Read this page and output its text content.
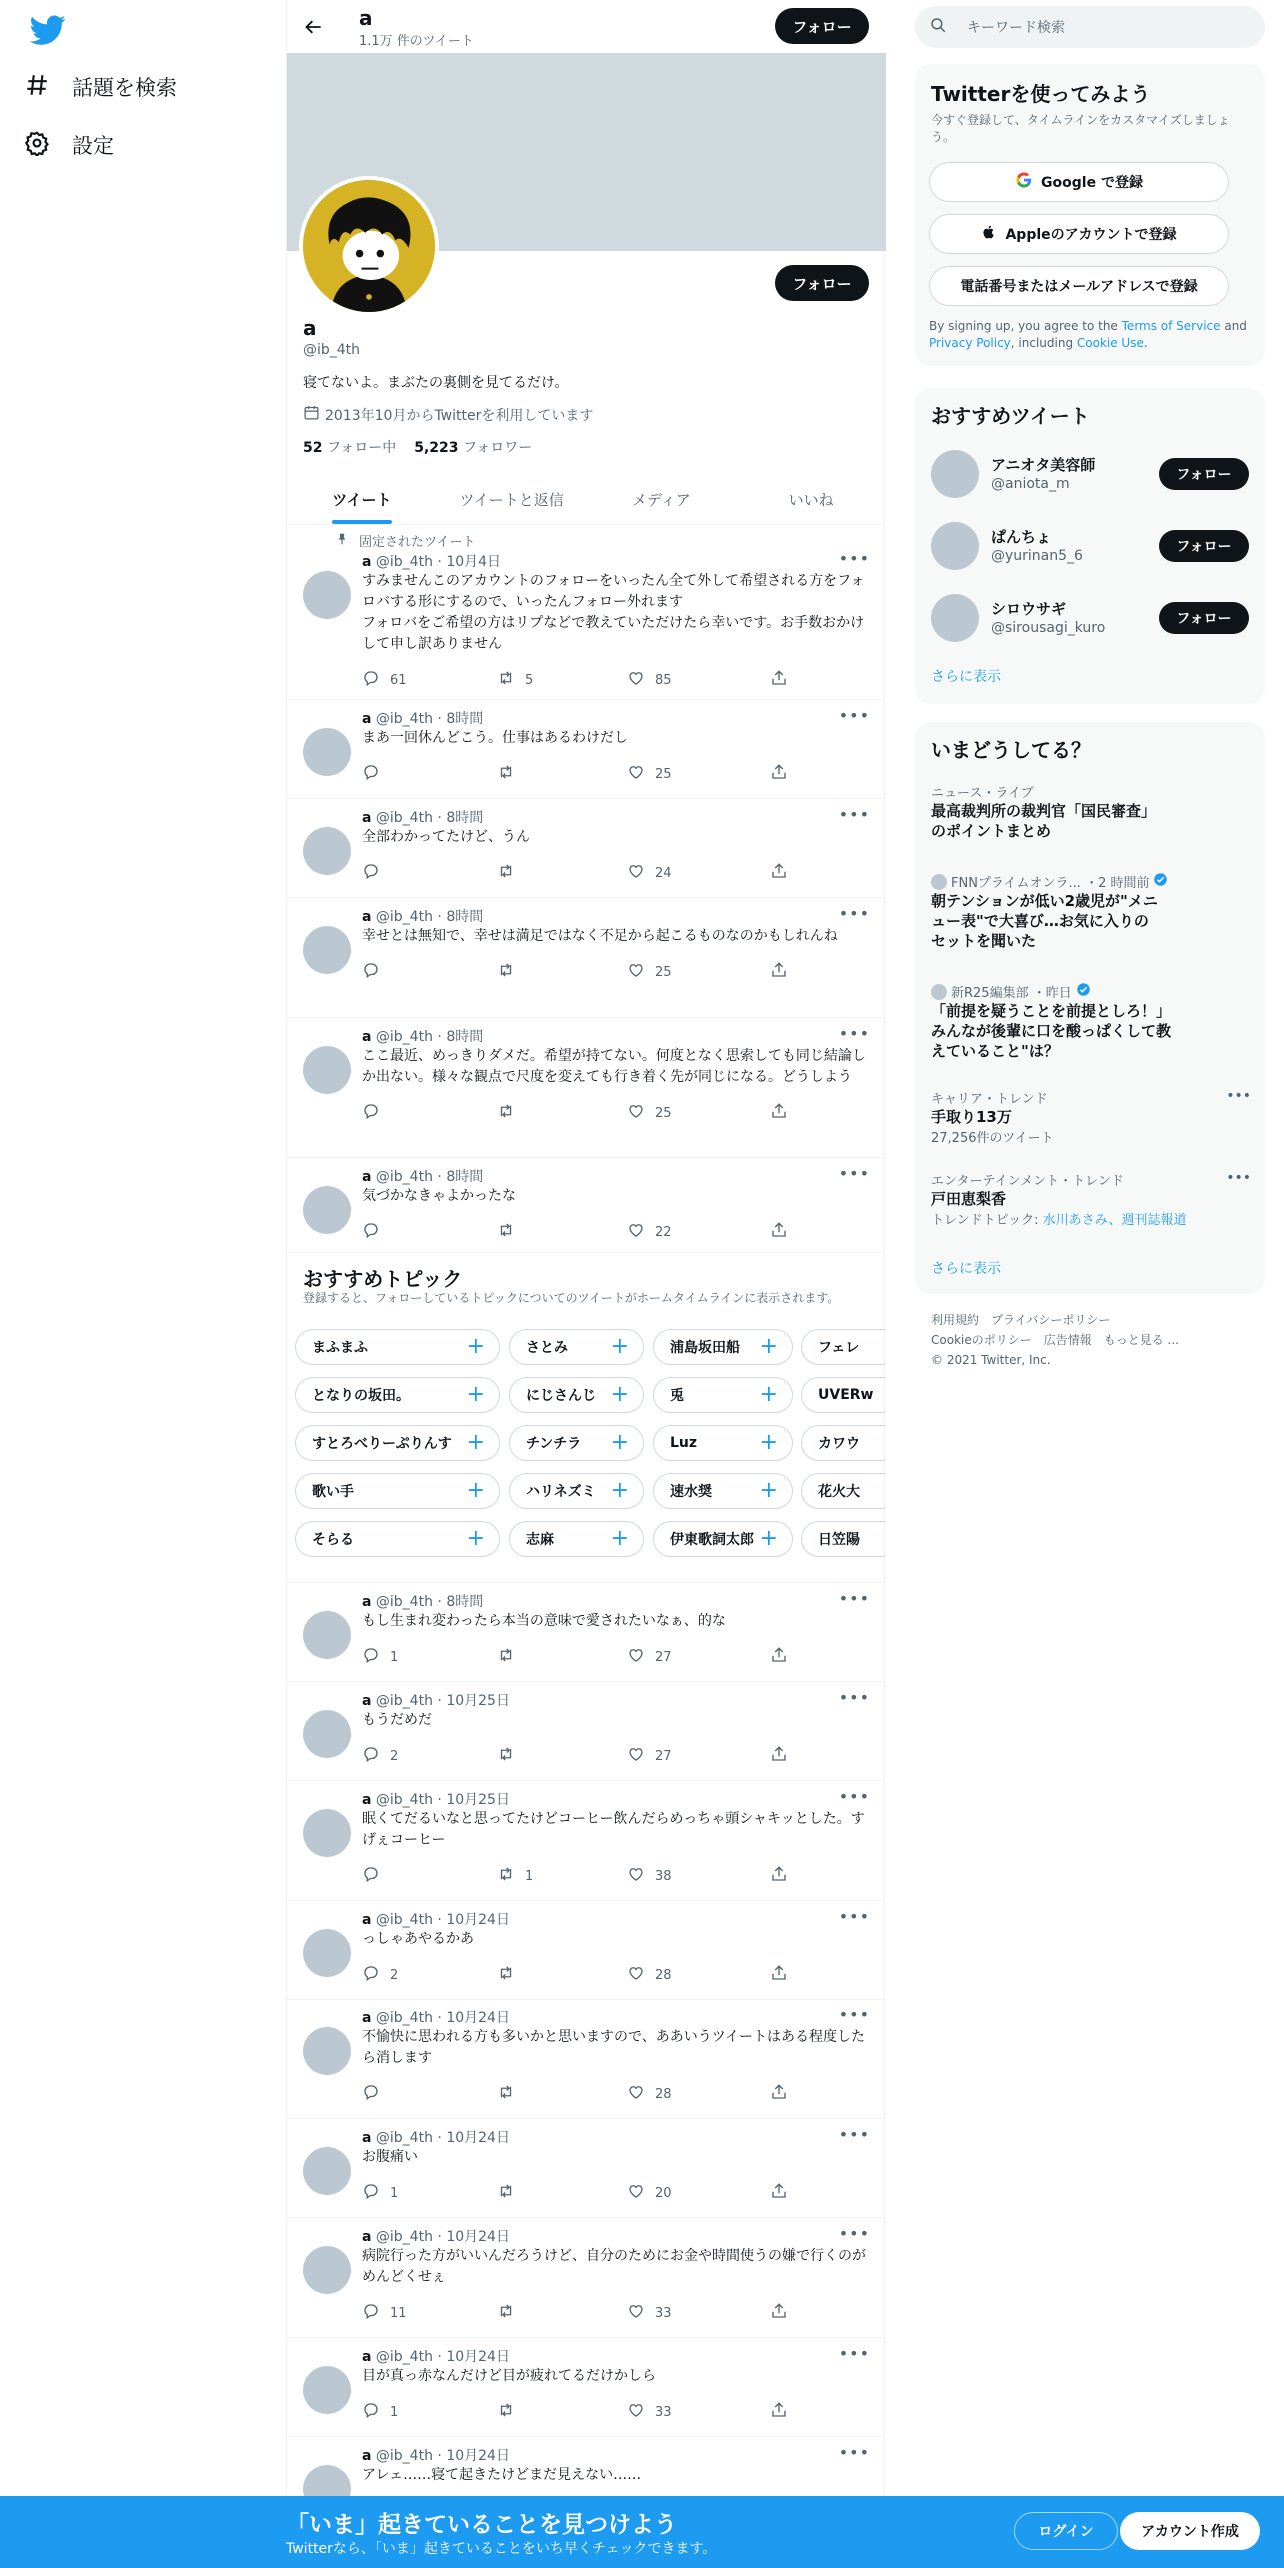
話題を検索
設定
a
1.1万 件のツイート
フォロー
フォロー
a
@ib_4th
寝てないよ。まぶたの裏側を見てるだけ。
2013年10月からTwitterを利用しています
52 フォロー中 5,223 フォロワー
ツイート	ツイートと返信	メディア	いいね
固定されたツイート
a @ib_4th · 10月4日	•••
すみませんこのアカウントのフォローをいったん全て外して希望される方をフォロバする形にするので、いったんフォロー外れます
フォロバをご希望の方はリプなどで教えていただけたら幸いです。お手数おかけして申し訳ありません
61	5	85
a @ib_4th · 8時間	•••
まあ一回休んどこう。仕事はあるわけだし
25
a @ib_4th · 8時間	•••
全部わかってたけど、うん
24
a @ib_4th · 8時間	•••
幸せとは無知で、幸せは満足ではなく不足から起こるものなのかもしれんね
25
a @ib_4th · 8時間	•••
ここ最近、めっきりダメだ。希望が持てない。何度となく思索しても同じ結論しか出ない。様々な観点で尺度を変えても行き着く先が同じになる。どうしよう
25
a @ib_4th · 8時間	•••
気づかなきゃよかったな
22
おすすめトピック
登録すると、フォローしているトピックについてのツイートがホームタイムラインに表示されます。
まふまふ	+	さとみ +	浦島坂田船 +	フェレ
となりの坂田。	+	にじさんじ +	兎	+	UVERw
すとろべりーぷりんす +	チンチラ +	Luz	+	カワウ
歌い手	+	ハリネズミ +	速水奨 +	花火大
そらる	+	志麻	+	伊東歌詞太郎 +	日笠陽
a @ib_4th · 8時間	•••
もし生まれ変わったら本当の意味で愛されたいなぁ、的な
1	27
a @ib_4th · 10月25日	•••
もうだめだ
2	27
a @ib_4th · 10月25日	•••
眠くてだるいなと思ってたけどコーヒー飲んだらめっちゃ頭シャキッとした。すげぇコーヒー
1	38
a @ib_4th · 10月24日	•••
っしゃあやるかあ
2	28
a @ib_4th · 10月24日	•••
不愉快に思われる方も多いかと思いますので、ああいうツイートはある程度したら消します
28
a @ib_4th · 10月24日	•••
お腹痛い
1	20
a @ib_4th · 10月24日	•••
病院行った方がいいんだろうけど、自分のためにお金や時間使うの嫌で行くのがめんどくせぇ
11	33
a @ib_4th · 10月24日	•••
目が真っ赤なんだけど目が疲れてるだけかしら
1	33
a @ib_4th · 10月24日	•••
アレェ……寝て起きたけどまだ見えない……
キーワード検索
Twitterを使ってみよう
今すぐ登録して、タイムラインをカスタマイズしましょう。
Google で登録
Appleのアカウントで登録
電話番号またはメールアドレスで登録
By signing up, you agree to the Terms of Service and Privacy Policy, including Cookie Use.
おすすめツイート
アニオタ美容師
@aniota_m
フォロー
ぱんちょ
@yurinan5_6
フォロー
シロウサギ
@sirousagi_kuro
フォロー
さらに表示
いまどうしてる？
ニュース・ライブ
最高裁判所の裁判官「国民審査」のポイントまとめ
FNNプライムオンラ... ・2 時間前
朝テンションが低い2歳児が"メニュー表"で大喜び…お気に入りのセットを聞いた
新R25編集部 ・昨日
「前提を疑うことを前提としろ！」みんなが後輩に口を酸っぱくして教えていること"は？
キャリア・トレンド
手取り13万
27,256件のツイート
•••
エンターテインメント・トレンド
戸田恵梨香
トレンドトピック: 水川あさみ、週刊誌報道
•••
さらに表示
利用規約　プライバシーポリシー
Cookieのポリシー　広告情報　もっと見る ...
© 2021 Twitter, Inc.
「いま」起きていることを見つけよう
Twitterなら、「いま」起きていることをいち早くチェックできます。
ログイン	アカウント作成
